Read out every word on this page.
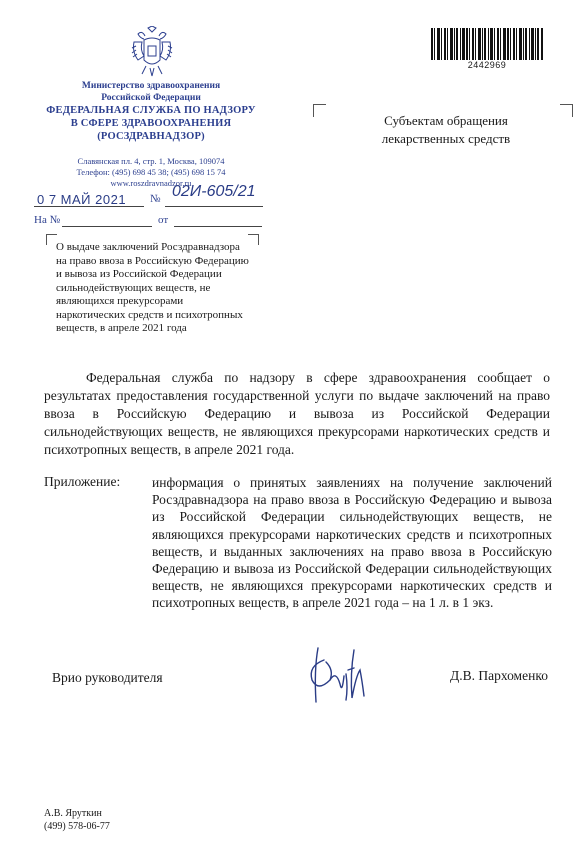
Министерство здравоохранения
Российской Федерации
ФЕДЕРАЛЬНАЯ СЛУЖБА ПО НАДЗОРУ
В СФЕРЕ ЗДРАВООХРАНЕНИЯ
(РОСЗДРАВНАДЗОР)
Славянская пл. 4, стр. 1, Москва, 109074
Телефон: (495) 698 45 38; (495) 698 15 74
www.roszdravnadzor.ru
0 7 МАЙ 2021 № 02И-605/21
На №	от
О выдаче заключений Росздравнадзора
на право ввоза в Российскую Федерацию
и вывоза из Российской Федерации
сильнодействующих веществ, не
являющихся прекурсорами
наркотических средств и психотропных
веществ, в апреле 2021 года
2442969
Субъектам обращения
лекарственных средств

Федеральная служба по надзору в сфере здравоохранения сообщает о результатах предоставления государственной услуги по выдаче заключений на право ввоза в Российскую Федерацию и вывоза из Российской Федерации сильнодействующих веществ, не являющихся прекурсорами наркотических средств и психотропных веществ, в апреле 2021 года.

Приложение: информация о принятых заявлениях на получение заключений Росздравнадзора на право ввоза в Российскую Федерацию и вывоза из Российской Федерации сильнодействующих веществ, не являющихся прекурсорами наркотических средств и психотропных веществ, и выданных заключениях на право ввоза в Российскую Федерацию и вывоза из Российской Федерации сильнодействующих веществ, не являющихся прекурсорами наркотических средств и психотропных веществ, в апреле 2021 года – на 1 л. в 1 экз.
Врио руководителя	Д.В. Пархоменко
А.В. Яруткин
(499) 578-06-77
